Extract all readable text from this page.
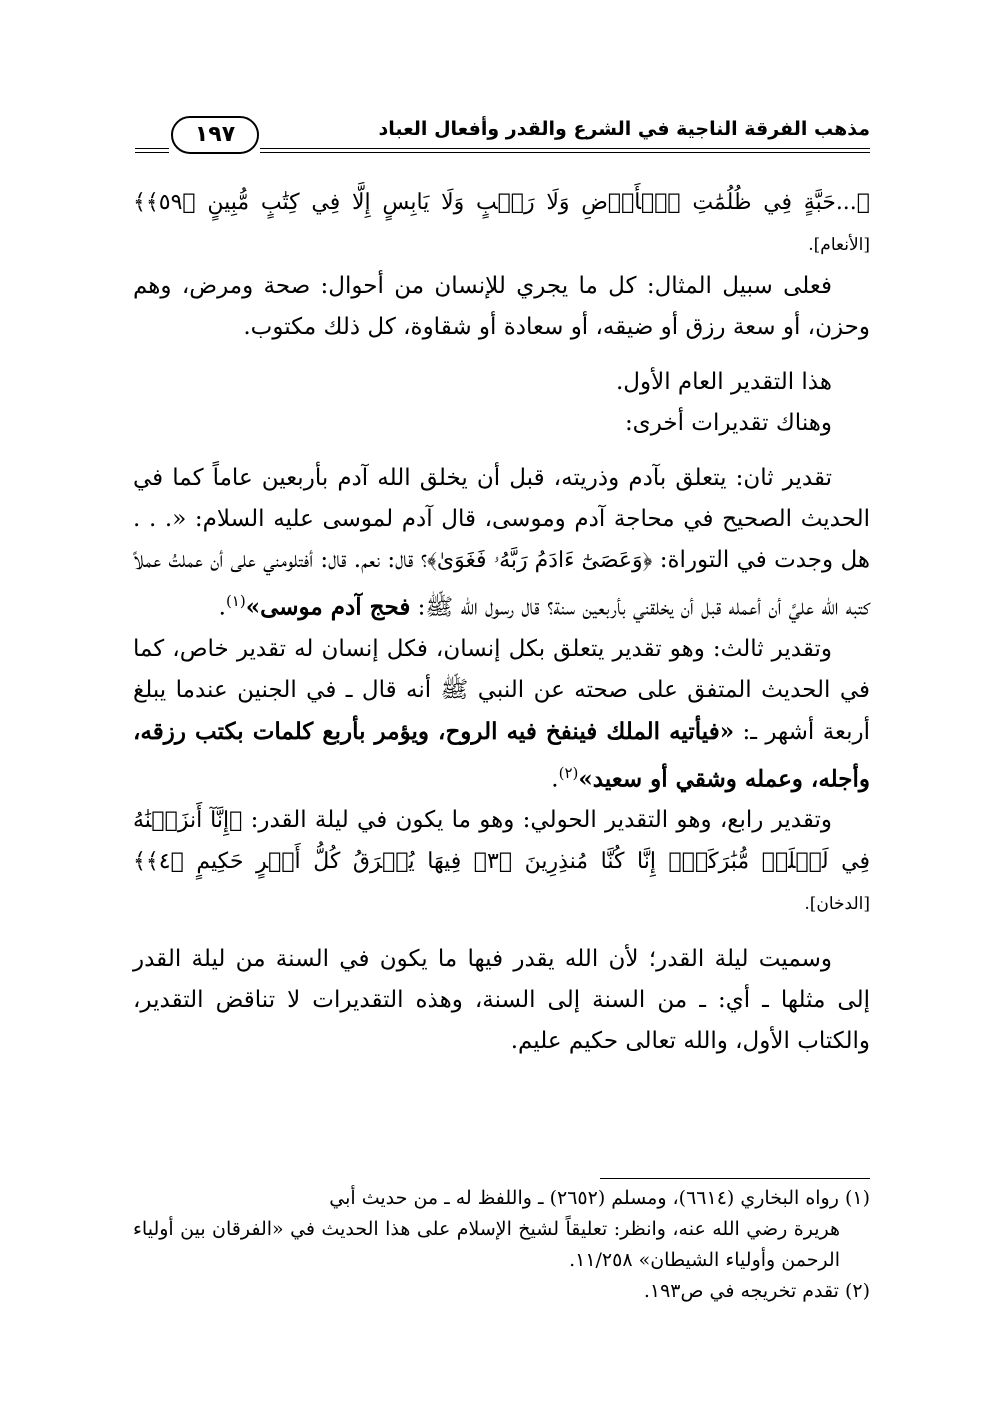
مذهب الفرقة الناجية في الشرع والقدر وأفعال العباد
١٩٧

﴿...حَبَّةٍ فِي ظُلُمَٰتِ ٱلۡأَرۡضِ وَلَا رَطۡبٍ وَلَا يَابِسٍ إِلَّا فِي كِتَٰبٍ مُّبِينٍ ﴿٥٩﴾﴾[الأنعام].

فعلى سبيل المثال: كل ما يجري للإنسان من أحوال: صحة ومرض، وهم وحزن، أو سعة رزق أو ضيقه، أو سعادة أو شقاوة، كل ذلك مكتوب.

هذا التقدير العام الأول.

وهناك تقديرات أخرى:

تقدير ثان: يتعلق بآدم وذريته، قبل أن يخلق الله آدم بأربعين عاماً كما في الحديث الصحيح في محاجة آدم وموسى، قال آدم لموسى عليه السلام: «. . . هل وجدت في التوراة: ﴿وَعَصَىٰٓ ءَادَمُ رَبَّهُۥ فَغَوَىٰ﴾؟ قال: نعم. قال: أفتلومني على أن عملتُ عملاً كتبه الله عليَّ أن أعمله قبل أن يخلقني بأربعين سنة؟ قال رسول الله ﷺ: فحج آدم موسى»$^{(١)}$.

وتقدير ثالث: وهو تقدير يتعلق بكل إنسان، فكل إنسان له تقدير خاص، كما في الحديث المتفق على صحته عن النبي ﷺ أنه قال ـ في الجنين عندما يبلغ أربعة أشهر ـ: «فيأتيه الملك فينفخ فيه الروح، ويؤمر بأربع كلمات بكتب رزقه، وأجله، وعمله وشقي أو سعيد»$^{(٢)}$.

وتقدير رابع، وهو التقدير الحولي: وهو ما يكون في ليلة القدر: ﴿إِنَّآ أَنزَلۡنَٰهُ فِي لَيۡلَةٖ مُّبَٰرَكَةٍۚ إِنَّا كُنَّا مُنذِرِينَ ﴿٣﴾ فِيهَا يُفۡرَقُ كُلُّ أَمۡرٍ حَكِيمٍ ﴿٤﴾﴾ [الدخان].

وسميت ليلة القدر؛ لأن الله يقدر فيها ما يكون في السنة من ليلة القدر إلى مثلها ـ أي: ـ من السنة إلى السنة، وهذه التقديرات لا تناقض التقدير، والكتاب الأول، والله تعالى حكيم عليم.

(١) رواه البخاري (٦٦١٤)، ومسلم (٢٦٥٢) ـ واللفظ له ـ من حديث أبي

هريرة رضي الله عنه، وانظر: تعليقاً لشيخ الإسلام على هذا الحديث في «الفرقان بين أولياء الرحمن وأولياء الشيطان» ١١/٢٥٨.

(٢) تقدم تخريجه في ص١٩٣.
